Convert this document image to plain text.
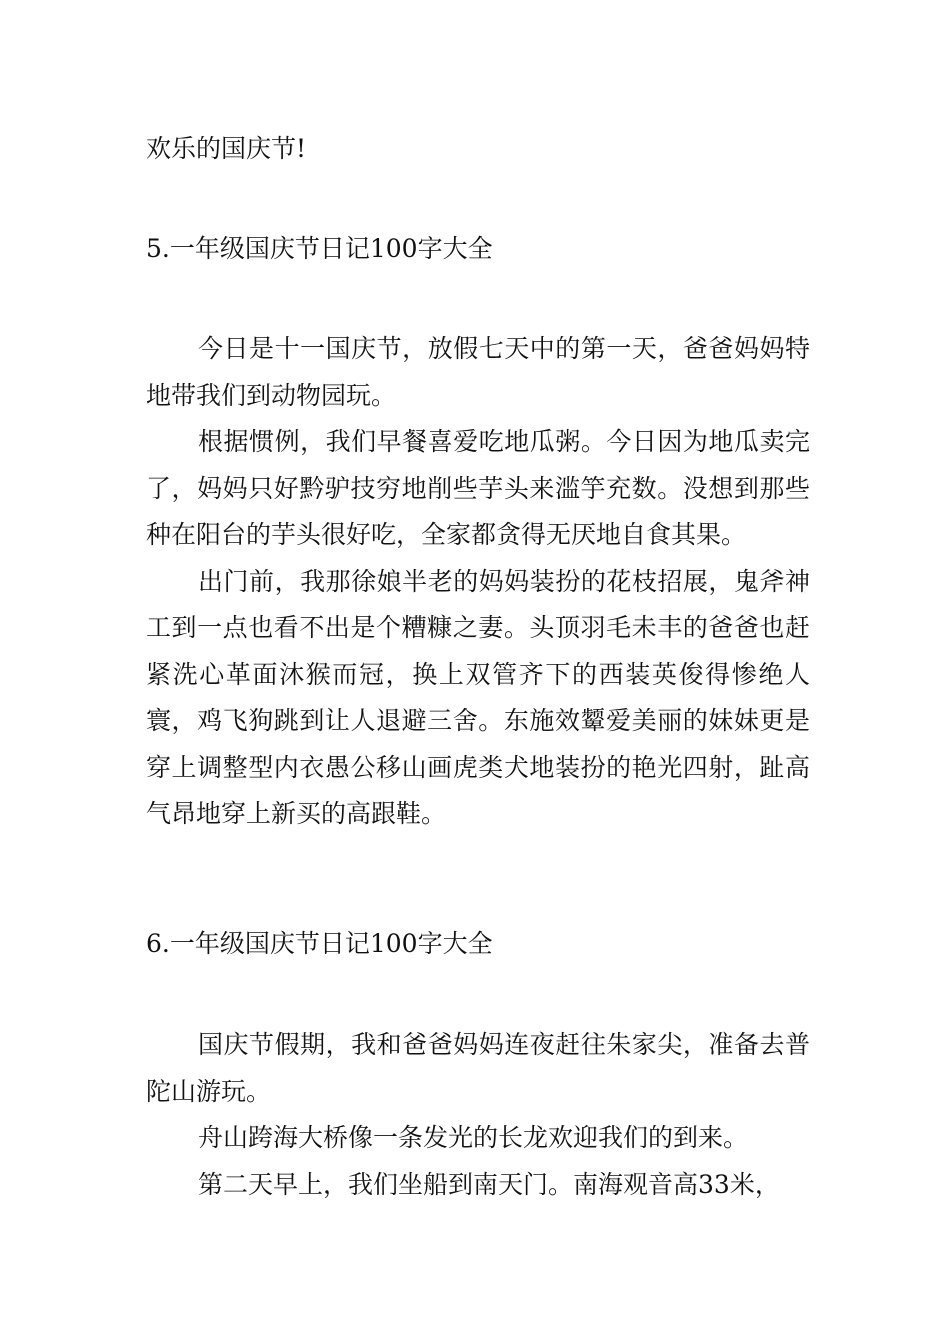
欢乐的国庆节!

5.一年级国庆节日记100字大全

今日是十一国庆节，放假七天中的第一天，爸爸妈妈特地带我们到动物园玩。

根据惯例，我们早餐喜爱吃地瓜粥。今日因为地瓜卖完了，妈妈只好黔驴技穷地削些芋头来滥竽充数。没想到那些种在阳台的芋头很好吃，全家都贪得无厌地自食其果。

出门前，我那徐娘半老的妈妈装扮的花枝招展，鬼斧神工到一点也看不出是个糟糠之妻。头顶羽毛未丰的爸爸也赶紧洗心革面沐猴而冠，换上双管齐下的西装英俊得惨绝人寰，鸡飞狗跳到让人退避三舍。东施效颦爱美丽的妹妹更是穿上调整型内衣愚公移山画虎类犬地装扮的艳光四射，趾高气昂地穿上新买的高跟鞋。

6.一年级国庆节日记100字大全

国庆节假期，我和爸爸妈妈连夜赶往朱家尖，准备去普陀山游玩。

舟山跨海大桥像一条发光的长龙欢迎我们的到来。

第二天早上，我们坐船到南天门。南海观音高33米，
